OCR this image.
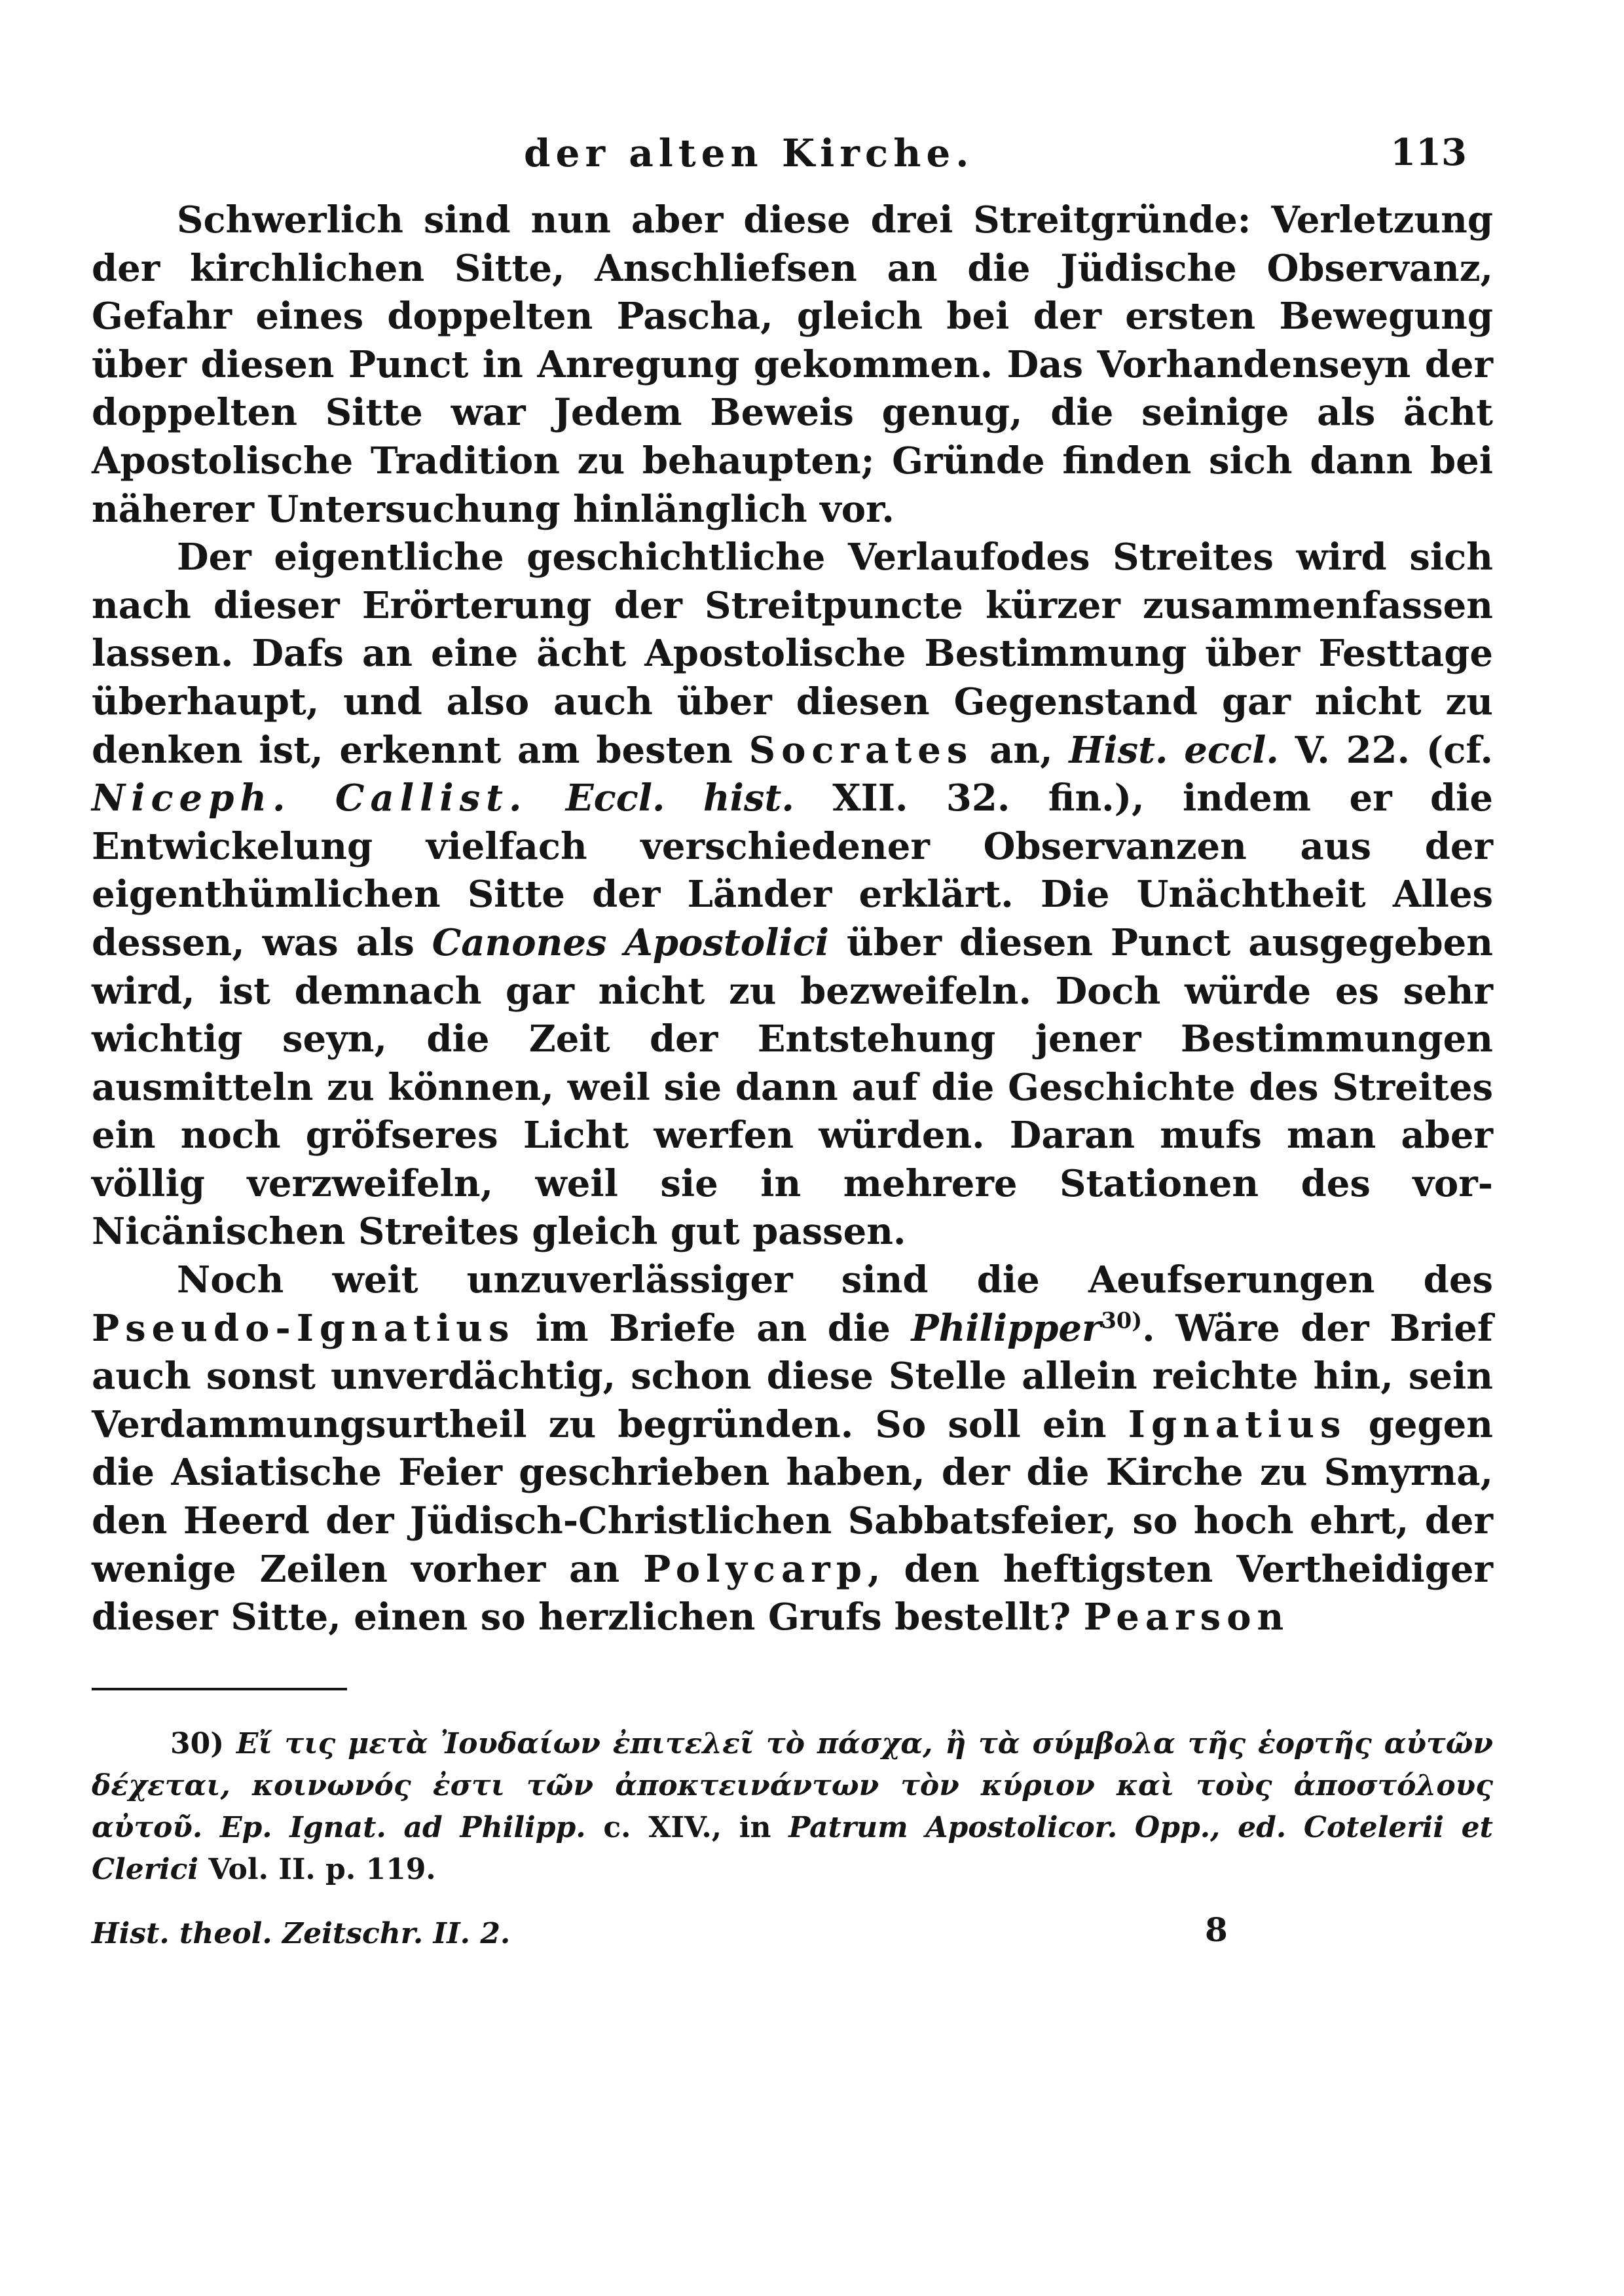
der alten Kirche.	113

Schwerlich sind nun aber diese drei Streitgründe: Verletzung der kirchlichen Sitte, Anschliefsen an die Jüdische Observanz, Gefahr eines doppelten Pascha, gleich bei der ersten Bewegung über diesen Punct in Anregung gekommen. Das Vorhandenseyn der doppelten Sitte war Jedem Beweis genug, die seinige als ächt Apostolische Tradition zu behaupten; Gründe finden sich dann bei näherer Untersuchung hinlänglich vor.

Der eigentliche geschichtliche Verlaufodes Streites wird sich nach dieser Erörterung der Streitpuncte kürzer zusammenfassen lassen. Dafs an eine ächt Apostolische Bestimmung über Festtage überhaupt, und also auch über diesen Gegenstand gar nicht zu denken ist, erkennt am besten Socrates an, Hist. eccl. V. 22. (cf. Niceph. Callist. Eccl. hist. XII. 32. fin.), indem er die Entwickelung vielfach verschiedener Observanzen aus der eigenthümlichen Sitte der Länder erklärt. Die Unächtheit Alles dessen, was als Canones Apostolici über diesen Punct ausgegeben wird, ist demnach gar nicht zu bezweifeln. Doch würde es sehr wichtig seyn, die Zeit der Entstehung jener Bestimmungen ausmitteln zu können, weil sie dann auf die Geschichte des Streites ein noch gröfseres Licht werfen würden. Daran mufs man aber völlig verzweifeln, weil sie in mehrere Stationen des vor-Nicänischen Streites gleich gut passen.

Noch weit unzuverlässiger sind die Aeufserungen des Pseudo-Ignatius im Briefe an die Philipper$^{30)}$. Wäre der Brief auch sonst unverdächtig, schon diese Stelle allein reichte hin, sein Verdammungsurtheil zu begründen. So soll ein Ignatius gegen die Asiatische Feier geschrieben haben, der die Kirche zu Smyrna, den Heerd der Jüdisch-Christlichen Sabbatsfeier, so hoch ehrt, der wenige Zeilen vorher an Polycarp, den heftigsten Vertheidiger dieser Sitte, einen so herzlichen Grufs bestellt? Pearson

30) Εἴ τις μετὰ Ἰουδαίων ἐπιτελεῖ τὸ πάσχα, ἢ τὰ σύμβολα τῆς ἑορτῆς αὐτῶν δέχεται, κοινωνός ἐστι τῶν ἀποκτεινάντων τὸν κύριον καὶ τοὺς ἀποστόλους αὐτοῦ. Ep. Ignat. ad Philipp. c. XIV., in Patrum Apostolicor. Opp., ed. Cotelerii et Clerici Vol. II. p. 119.
Hist. theol. Zeitschr. II. 2.	8
